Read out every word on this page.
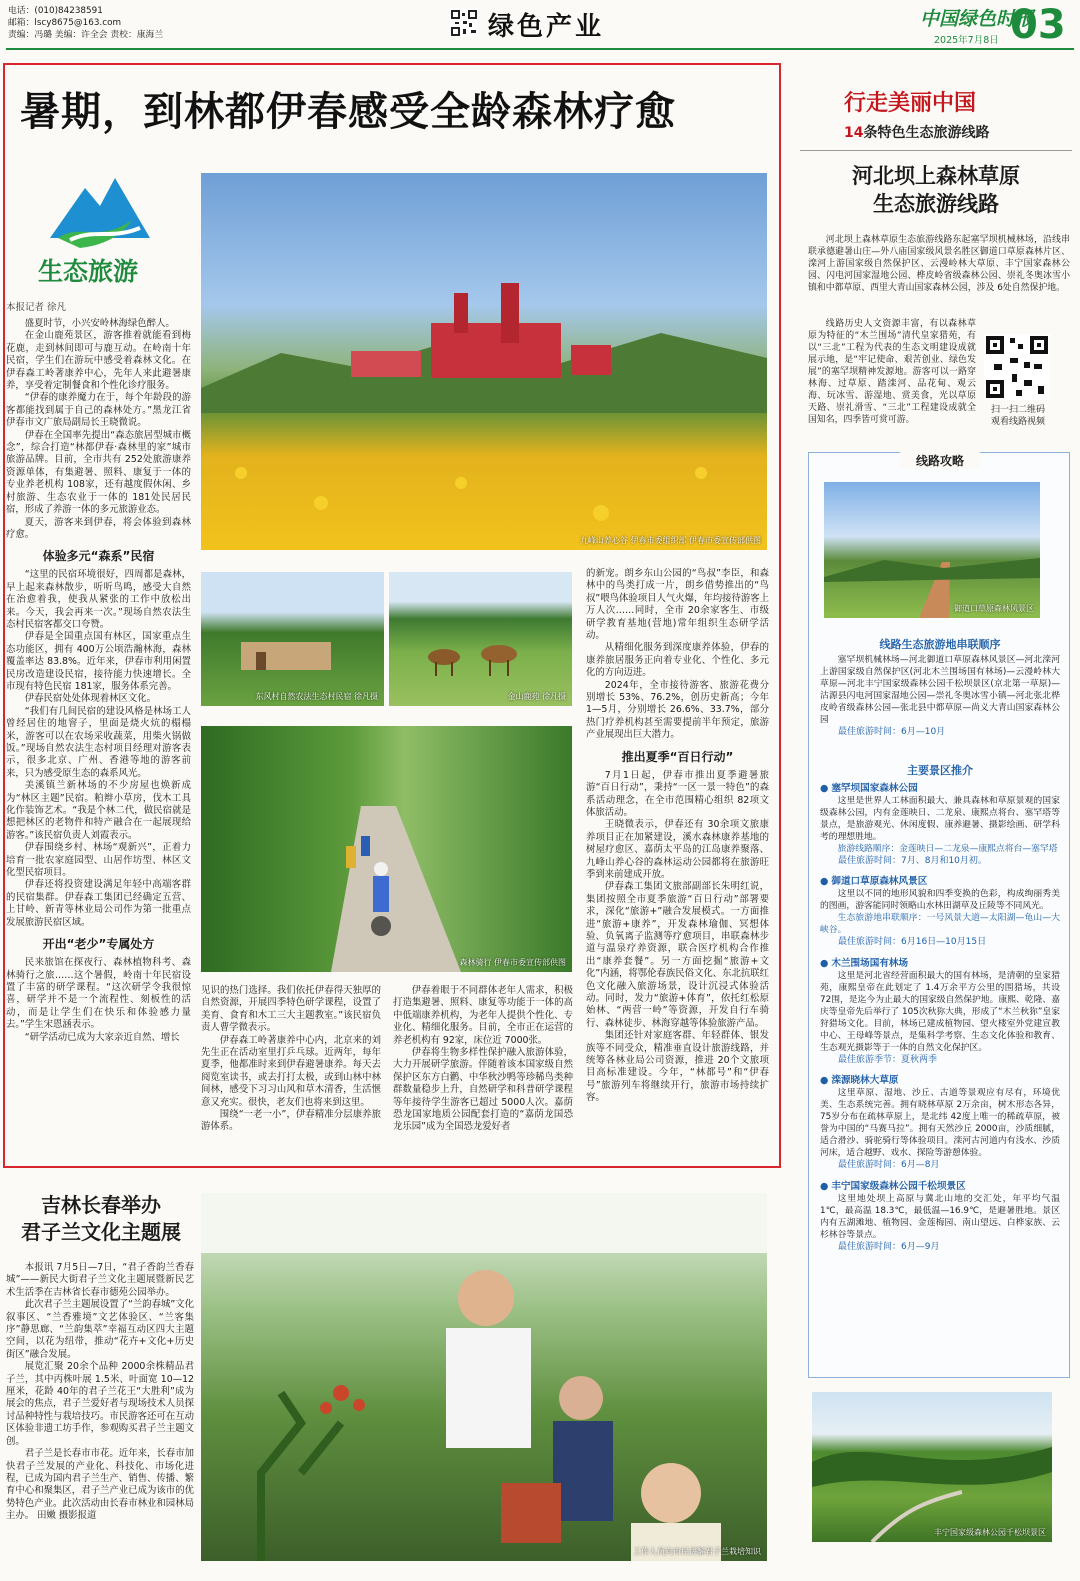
电话：(010)84238591
邮箱：lscy8675@163.com
责编：冯璐 美编：许全会 责校：康海兰	绿色产业	中国绿色时报
2025年7月8日 03
暑期，到林都伊春感受全龄森林疗愈
生态旅游
九峰山养心谷 伊春市委组织部 伊春市委宣传部供图
本报记者 徐凡

盛夏时节，小兴安岭林海绿色醉人。

在金山鹿苑景区，游客推着就能看到梅花鹿，走到林间即可与鹿互动。在岭南十年民宿，学生们在游玩中感受着森林文化。在伊春森工岭著康养中心，先年人来此避暑康养，享受着定制餐食和个性化诊疗服务。

“伊春的康养魔力在于，每个年龄段的游客都能找到属于自己的森林处方。”黑龙江省伊春市文广旅局副局长王晓微说。

伊春在全国率先提出“森态旅居型城市概念”，综合打造“林都伊春·森林里的家”城市旅游品牌。目前，全市共有 252处旅游康养资源单体，有集避暑、照料、康复于一体的专业养老机构 108家，还有越度假休闲、乡村旅游、生态农业于一体的 181处民居民宿，形成了养游一体的多元旅游业态。

夏天，游客来到伊春，将会体验到森林疗愈。

体验多元“森系”民宿

“这里的民宿环境很好，四周都是森林，早上起来森林散步，听听鸟鸣，感受大自然在治愈着我，使我从紧张的工作中放松出来。今天，我会再来一次。”现场自然农法生态村民宿客都交口夸赞。

伊春是全国重点国有林区，国家重点生态功能区，拥有 400万公顷浩瀚林海，森林覆盖率达 83.8%。近年来，伊春市利用闲置民房改造建设民宿，接待能力快速增长。全市现有特色民宿 181家，服务体系完善。

伊春民宿处处体现着林区文化。

“我们有几间民宿的建设风格是林场工人曾经居住的地窨子，里面是烧火炕的榻榻米，游客可以在农场采收蔬菜，用柴火锅做饭。”现场自然农法生态村项目经理对游客表示，很多北京、广州、香港等地的游客前来，只为感受原生态的森系风光。

美溪镇兰新林场的不少房屋也焕新成为“林区主题”民宿。粕辫小草房，伐木工具化作装饰艺术。“我是个林二代，做民宿就是想把林区的老物件和特产融合在一起展现给游客。”该民宿负责人刘霞表示。

伊春围绕乡村、林场“观新兴”，正着力培育一批农家庭园型、山居作坊型、林区文化型民宿项目。

伊春还将投资建设满足年轻中高端客群的民宿集群。伊春森工集团已经确定五营、上甘岭、新青等林业局公司作为第一批重点发展旅游民宿区域。

开出“老少”专属处方

民来旅馆在探夜行、森林植物科考、森林骑行之旅……这个暑假，岭南十年民宿设置了丰富的研学课程。“这次研学令我很惊喜，研学并不是一个流程性、刻板性的活动，而是让学生们在快乐和体验感力量去。”学生宋恩涵表示。

“研学活动已成为大家亲近自然、增长

东风村自然农法生态村民宿 徐凡摄	金山鹿苑 徐凡摄
森林骑行 伊春市委宣传部供图

的新宠。朗乡东山公园的“鸟叔”李臣，和森林中的鸟类打成一片，朗乡借势推出的“鸟叔”喂鸟体验项目人气火爆，年均接待游客上万人次……同时，全市 20余家客生、市级研学教育基地(营地)常年组织生态研学活动。

从精细化服务到深度康养体验，伊春的康养旅居服务正向着专业化、个性化、多元化的方向迈进。

2024年，全市接待游客、旅游花费分别增长 53%、76.2%，创历史新高；今年 1—5月，分别增长 26.6%、33.7%，部分热门疗养机构甚至需要提前半年预定，旅游产业展现出巨大潜力。

推出夏季“百日行动”

7月1日起，伊春市推出夏季避暑旅游“百日行动”，秉持“一区一景一特色”的森系活动理念，在全市范围精心组织 82项文体旅活动。

王晓微表示，伊春还有 30余项文旅康养项目正在加紧建设，溪水森林康养基地的树屋疗愈区、嘉荫太平岛的江岛康养聚落、九峰山养心谷的森林运动公园都将在旅游旺季到来前建成开放。

伊春森工集团文旅部副部长朱明红说，集团按照全市夏季旅游“百日行动”部署要求，深化“旅游+”融合发展模式。一方面推进“旅游+康养”，开发森林瑜伽、冥想体验、负氧离子监测等疗愈项目，串联森林步道与温泉疗养资源，联合医疗机构合作推出“康养套餐”。另一方面挖掘“旅游+文化”内涵，将鄂伦春族民俗文化、东北抗联红色文化融入旅游场景，设计沉浸式体验活动。同时，发力“旅游+体育”，依托红松原始林、“两营一岭”等资源，开发自行车骑行、森林徒步、林海穿越等体验旅游产品。

集团还针对家庭客群、年轻群体、银发族等不同受众，精准垂直设计旅游线路，并统筹各林业局公司资源，推进 20个文旅项目高标准建设。今年，“林都号”和“伊春号”旅游列车将继续开行，旅游市场持续扩容。

见识的热门选择。我们依托伊春得天独厚的自然资源，开展四季特色研学课程，设置了美育、食育和木工三大主题教室。”该民宿负责人曹学微表示。

伊春森工岭著康养中心内，北京来的刘先生正在活动室里打乒乓球。近两年，每年夏季，他都准时来到伊春避暑康养。每天去阅览室读书，或去打打太极，或到山林中林间林，感受下习习山风和草木清香，生活惬意又充实。很快，老友们也将来到这里。

围绕“一老一小”，伊春精准分层康养旅游体系。

伊春着眼于不同群体老年人需求，积极打造集避暑、照料、康复等功能于一体的高中低端康养机构，为老年人提供个性化、专业化、精细化服务。目前，全市正在运营的养老机构有 92家，床位近 7000张。

伊春将生物多样性保护融入旅游体验，大力开展研学旅游。伴随着该本国家级自然保护区东方白鹳、中华秋沙鸭等珍稀鸟类种群数量稳步上升，自然研学和科普研学课程等年接待学生游客已超过 5000人次。嘉荫恐龙国家地质公园配套打造的“嘉荫龙国恐龙乐园”成为全国恐龙爱好者

行走美丽中国
14条特色生态旅游线路
河北坝上森林草原
生态旅游线路

河北坝上森林草原生态旅游线路东起塞罕坝机械林场，沿线串联承德避暑山庄—外八庙国家级风景名胜区御道口草原森林片区、滦河上游国家级自然保护区、云漫岭林大草原、丰宁国家森林公园、闪电河国家湿地公园、桦皮岭省级森林公园、崇礼冬奥冰雪小镇和中都草原、西里大青山国家森林公园，涉及 6处自然保护地。

线路历史人文资源丰富，有以森林草原为特征的“木兰围场”清代皇家猎苑，有以“三北”工程为代表的生态文明建设成就展示地，是“牢记使命、艰苦创业、绿色发展”的塞罕坝精神发源地。游客可以一路穿林海、过草原、踏滦河、品花甸、观云海、玩冰雪、游湿地、赏美食，光以草原天路、崇礼滑雪、“三北”工程建设成就全国知名，四季皆可赏可游。

扫一扫二维码
观看线路视频
线路攻略
御道口草原森林风景区
线路生态旅游地串联顺序

塞罕坝机械林场—河北御道口草原森林风景区—河北滦河上游国家级自然保护区(河北木兰围场国有林场)—云漫岭林大草原—河北丰宁国家级森林公园千松坝景区(京北第一草原)—沽源县闪电河国家湿地公园—崇礼冬奥冰雪小镇—河北张北桦皮岭省级森林公园—张北县中都草原—尚义大青山国家森林公园

最佳旅游时间：6月—10月
主要景区推介
● 塞罕坝国家森林公园

这里是世界人工林面积最大、兼具森林和草原景观的国家级森林公园，内有金莲映日、二龙泉、康熙点将台、塞罕塔等景点，是旅游观光、休闲度假、康养避暑、摄影绘画、研学科考的理想胜地。

旅游线路顺序：金莲映日—二龙泉—康熙点将台—塞罕塔

最佳旅游时间：7月、8月和10月初。
● 御道口草原森林风景区

这里以不同的地形风貌和四季变换的色彩，构成绚丽秀美的图画，游客能同时领略山水林田湖草及丘陵等不同风光。

生态旅游地串联顺序：一号风景大道—太阳湖—龟山—大峡谷。

最佳旅游时间：6月16日—10月15日
● 木兰围场国有林场

这里是河北省经营面积最大的国有林场，是清朝的皇家猎苑，康熙皇帝在此划定了 1.4万余平方公里的围猎场，共设 72围，是迄今为止最大的国家级自然保护地。康熙、乾隆、嘉庆等皇帝先后举行了 105次秋狝大典，形成了“木兰秋狝”皇家狩猎场文化。目前，林场已建成植物园、望火楼室外党建宣教中心、王母峰等景点，是集科学考察、生态文化体验和教育、生态观光摄影等于一体的自然文化保护区。

最佳旅游季节：夏秋两季
● 滦源晓林大草原

这里草原、湿地、沙丘、古道等景观应有尽有，环境优美、生态系统完善。拥有晓林草原 2万余亩，树木形态各异，75岁分布在疏林草原上，是北纬 42度上唯一的稀疏草原，被誉为中国的“马赛马拉”。拥有天然沙丘 2000亩，沙质细腻，适合滑沙、骑驼骑行等体验项目。滦河古河道内有浅水、沙质河床，适合越野、戏水、探险等游憩体验。

最佳旅游时间：6月—8月
● 丰宁国家级森林公园千松坝景区

这里地处坝上高原与冀北山地的交汇处，年平均气温 1℃，最高温 18.3℃，最低温—16.9℃，是避暑胜地。景区内有五湖滩地、植物园、金莲梅园、南山望远、白桦家族、云杉林谷等景点。

最佳旅游时间：6月—9月
丰宁国家级森林公园千松坝景区
吉林长春举办
君子兰文化主题展

本报讯 7月5日—7日，“君子香韵兰香春城”——新民大街君子兰文化主题展暨新民艺术生活季在吉林省长春市德苑公园举办。

此次君子兰主题展设置了“兰韵春城”文化叙事区、“兰香雅境”文艺体验区、“兰客集序”静思廊、“兰韵集萃”幸福互动区四大主题空间，以花为纽带，推动“花卉+文化+历史街区”融合发展。

展览汇聚 20余个品种 2000余株精品君子兰，其中丙株叶展 1.5米、叶面宽 10—12厘米，花龄 40年的君子兰花王“大胜利”成为展会的焦点，君子兰爱好者与现场技术人员探讨品种特性与栽培技巧。市民游客还可在互动区体验非遗工坊手作，参观购买君子兰主题文创。

君子兰是长春市市花。近年来，长春市加快君子兰发展的产业化、科技化、市场化进程，已成为国内君子兰生产、销售、传播、繁育中心和聚集区，君子兰产业已成为该市的优势特色产业。此次活动由长春市林业和园林局主办。 田嫩 摄影报道

工作人员向市民讲解君子兰栽培知识
